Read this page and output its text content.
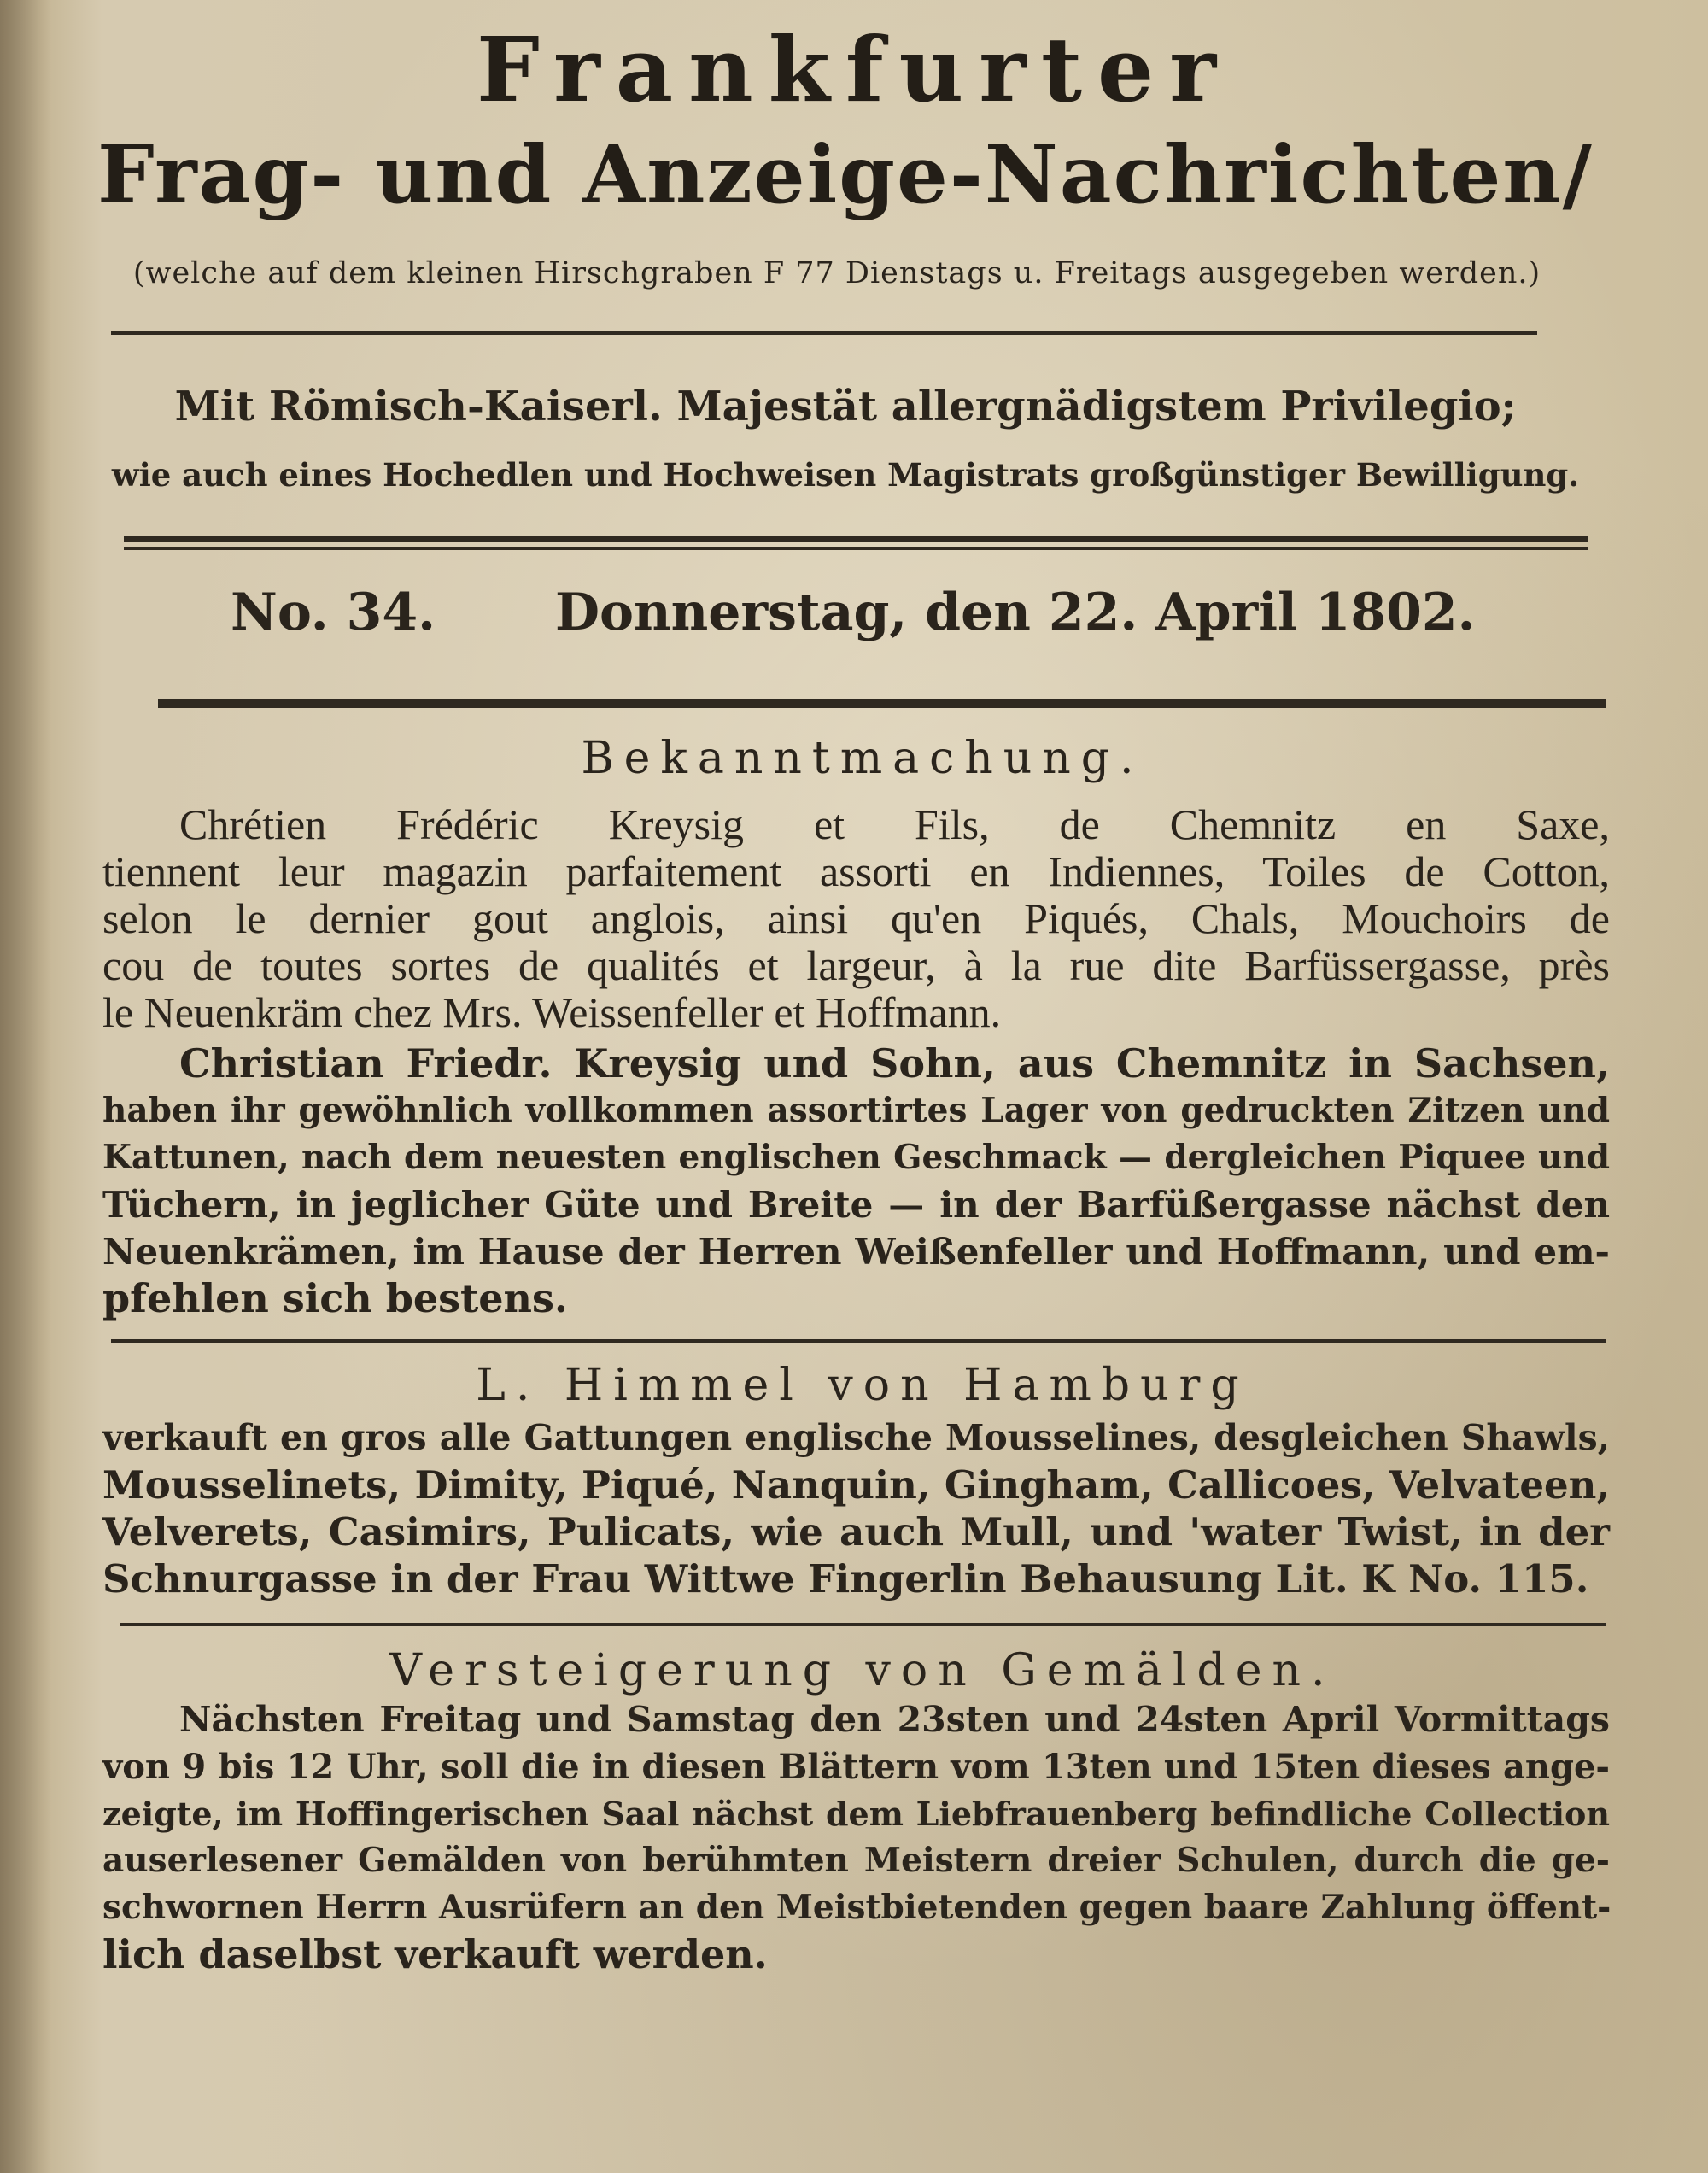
Frankfurter
Frag- und Anzeige-Nachrichten/
(welche auf dem kleinen Hirschgraben F 77 Dienstags u. Freitags ausgegeben werden.)
Mit Römisch-Kaiserl. Majestät allergnädigstem Privilegio;
wie auch eines Hochedlen und Hochweisen Magistrats großgünstiger Bewilligung.
No. 34. Donnerstag, den 22. April 1802.
Bekanntmachung.
Chrétien Frédéric Kreysig et Fils, de Chemnitz en Saxe,
tiennent leur magazin parfaitement assorti en Indiennes, Toiles de Cotton,
selon le dernier gout anglois, ainsi qu'en Piqués, Chals, Mouchoirs de
cou de toutes sortes de qualités et largeur, à la rue dite Barfüssergasse, près
le Neuenkräm chez Mrs. Weissenfeller et Hoffmann.
Christian Friedr. Kreysig und Sohn, aus Chemnitz in Sachsen,
haben ihr gewöhnlich vollkommen assortirtes Lager von gedruckten Zitzen und
Kattunen, nach dem neuesten englischen Geschmack — dergleichen Piquee und
Tüchern, in jeglicher Güte und Breite — in der Barfüßergasse nächst den
Neuenkrämen, im Hause der Herren Weißenfeller und Hoffmann, und em-
pfehlen sich bestens.
L. Himmel von Hamburg
verkauft en gros alle Gattungen englische Mousselines, desgleichen Shawls,
Mousselinets, Dimity, Piqué, Nanquin, Gingham, Callicoes, Velvateen,
Velverets, Casimirs, Pulicats, wie auch Mull, und 'water Twist, in der
Schnurgasse in der Frau Wittwe Fingerlin Behausung Lit. K No. 115.
Versteigerung von Gemälden.
Nächsten Freitag und Samstag den 23sten und 24sten April Vormittags
von 9 bis 12 Uhr, soll die in diesen Blättern vom 13ten und 15ten dieses ange-
zeigte, im Hoffingerischen Saal nächst dem Liebfrauenberg befindliche Collection
auserlesener Gemälden von berühmten Meistern dreier Schulen, durch die ge-
schwornen Herrn Ausrüfern an den Meistbietenden gegen baare Zahlung öffent-
lich daselbst verkauft werden.
